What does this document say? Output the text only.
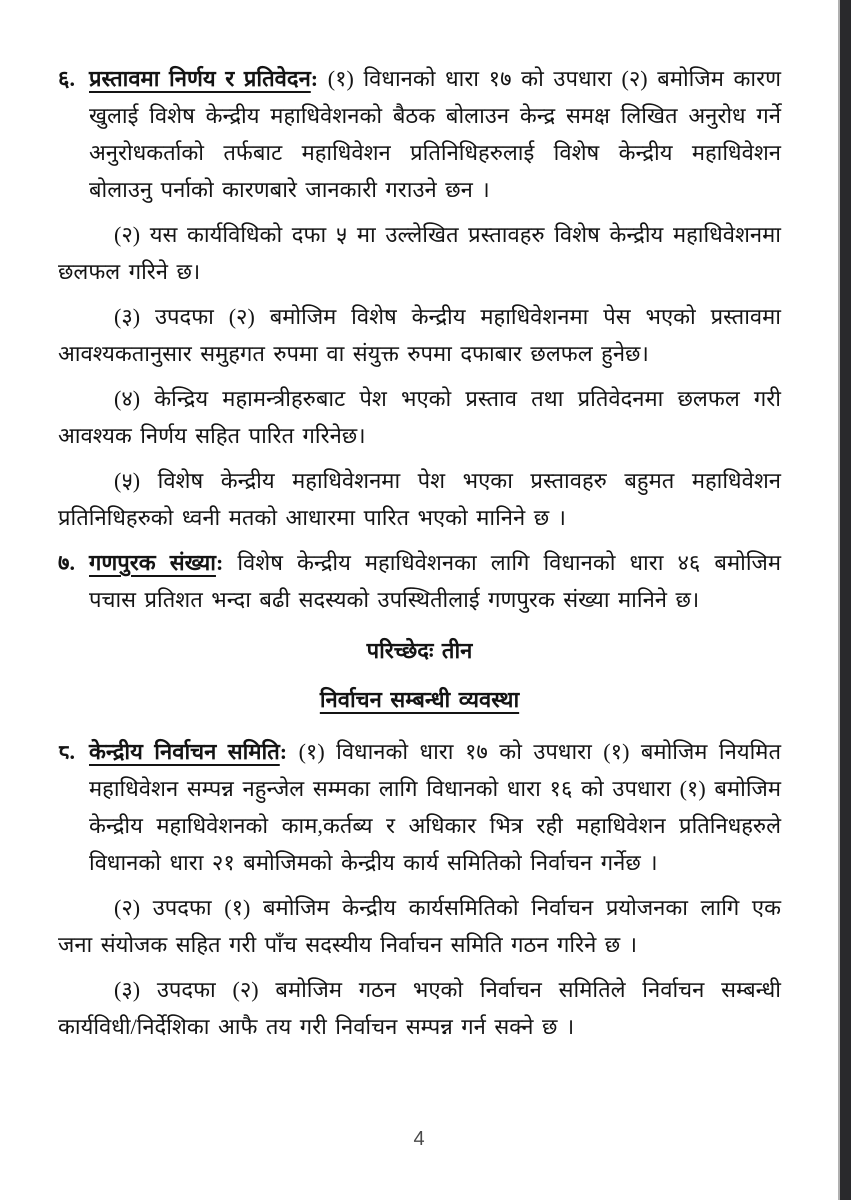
६. प्रस्तावमा निर्णय र प्रतिवेदन: (१) विधानको धारा १७ को उपधारा (२) बमोजिम कारण खुलाई विशेष केन्द्रीय महाधिवेशनको बैठक बोलाउन केन्द्र समक्ष लिखित अनुरोध गर्ने अनुरोधकर्ताको तर्फबाट महाधिवेशन प्रतिनिधिहरुलाई विशेष केन्द्रीय महाधिवेशन बोलाउनु पर्नाको कारणबारे जानकारी गराउने छन ।

(२) यस कार्यविधिको दफा ५ मा उल्लेखित प्रस्तावहरु विशेष केन्द्रीय महाधिवेशनमा छलफल गरिने छ।

(३) उपदफा (२) बमोजिम विशेष केन्द्रीय महाधिवेशनमा पेस भएको प्रस्तावमा आवश्यकतानुसार समुहगत रुपमा वा संयुक्त रुपमा दफाबार छलफल हुनेछ।

(४) केन्द्रिय महामन्त्रीहरुबाट पेश भएको प्रस्ताव तथा प्रतिवेदनमा छलफल गरी आवश्यक निर्णय सहित पारित गरिनेछ।

(५) विशेष केन्द्रीय महाधिवेशनमा पेश भएका प्रस्तावहरु बहुमत महाधिवेशन प्रतिनिधिहरुको ध्वनी मतको आधारमा पारित भएको मानिने छ ।

७. गणपुरक संख्या: विशेष केन्द्रीय महाधिवेशनका लागि विधानको धारा ४६ बमोजिम पचास प्रतिशत भन्दा बढी सदस्यको उपस्थितीलाई गणपुरक संख्या मानिने छ।

परिच्छेदः तीन

निर्वाचन सम्बन्धी व्यवस्था

८. केन्द्रीय निर्वाचन समिति: (१) विधानको धारा १७ को उपधारा (१) बमोजिम नियमित महाधिवेशन सम्पन्न नहुन्जेल सम्मका लागि विधानको धारा १६ को उपधारा (१) बमोजिम केन्द्रीय महाधिवेशनको काम,कर्तब्य र अधिकार भित्र रही महाधिवेशन प्रतिनिधहरुले विधानको धारा २१ बमोजिमको केन्द्रीय कार्य समितिको निर्वाचन गर्नेछ ।

(२) उपदफा (१) बमोजिम केन्द्रीय कार्यसमितिको निर्वाचन प्रयोजनका लागि एक जना संयोजक सहित गरी पाँच सदस्यीय निर्वाचन समिति गठन गरिने छ ।

(३) उपदफा (२) बमोजिम गठन भएको निर्वाचन समितिले निर्वाचन सम्बन्धी कार्यविधी/निर्देशिका आफै तय गरी निर्वाचन सम्पन्न गर्न सक्ने छ ।

4
